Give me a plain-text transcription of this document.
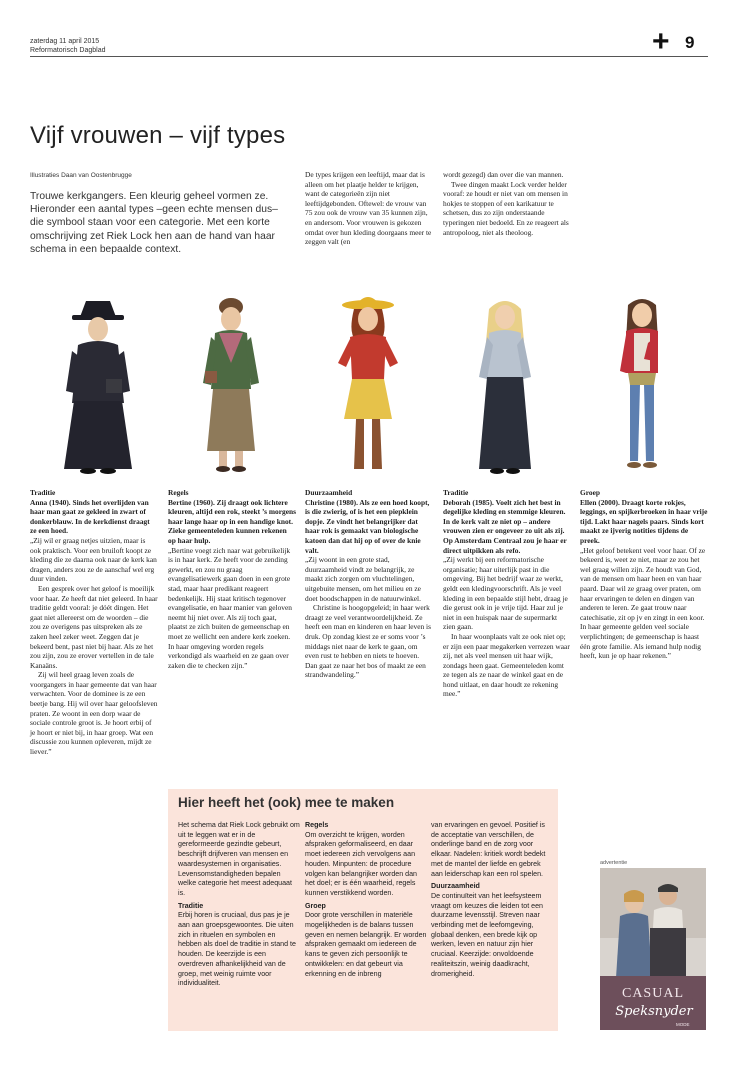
zaterdag 11 april 2015
Reformatorisch Dagblad	+ 9
Vijf vrouwen – vijf types
Illustraties Daan van Oostenbrugge
Trouwe kerkgangers. Een kleurig geheel vormen ze. Hieronder een aantal types –geen echte mensen dus– die symbool staan voor een categorie. Met een korte omschrijving zet Riek Lock hen aan de hand van haar schema in een bepaalde context.
De types krijgen een leeftijd, maar dat is alleen om het plaatje helder te krijgen, want de categorieën zijn niet leeftijdgebonden. Oftewel: de vrouw van 75 zou ook de vrouw van 35 kunnen zijn, en andersom. Voor vrouwen is gekozen omdat over hun kleding doorgaans meer te zeggen valt (en

wordt gezegd) dan over die van mannen.

Twee dingen maakt Lock verder helder vooraf: ze houdt er niet van om mensen in hokjes te stoppen of een karikatuur te schetsen, dus zo zijn onderstaande typeringen niet bedoeld. En ze reageert als antropoloog, niet als theoloog.

Traditie

Anna (1940). Sinds het overlijden van haar man gaat ze gekleed in zwart of donkerblauw. In de kerkdienst draagt ze een hoed.

„Zij wil er graag netjes uitzien, maar is ook praktisch. Voor een bruiloft koopt ze kleding die ze daarna ook naar de kerk kan dragen, anders zou ze de aanschaf wel erg duur vinden.

Een gesprek over het geloof is moeilijk voor haar. Ze heeft dat niet geleerd. In haar traditie geldt vooral: je dóét dingen. Het gaat niet allereerst om de woorden – die zou ze overigens pas uitspreken als ze zaken heel zeker weet. Zeggen dat je bekeerd bent, past niet bij haar. Als ze het zou zijn, zou ze erover vertellen in de tale Kanaäns.

Zij wil heel graag leven zoals de voorgangers in haar gemeente dat van haar verwachten. Voor de dominee is ze een beetje bang. Hij wil over haar geloofsleven praten. Ze woont in een dorp waar de sociale controle groot is. Je hoort erbij of je hoort er niet bij, in haar groep. Wat een discussie zou kunnen opleveren, mijdt ze liever.”

Regels

Bertine (1960). Zij draagt ook lichtere kleuren, altijd een rok, steekt ’s morgens haar lange haar op in een handige knot. Zieke gemeenteleden kunnen rekenen op haar hulp.

„Bertine voegt zich naar wat gebruikelijk is in haar kerk. Ze heeft voor de zending gewerkt, en zou nu graag evangelisatiewerk gaan doen in een grote stad, maar haar predikant reageert bedenkelijk. Hij staat kritisch tegenover evangelisatie, en haar manier van geloven neemt hij niet over. Als zij toch gaat, plaatst ze zich buiten de gemeenschap en moet ze wellicht een andere kerk zoeken. In haar omgeving worden regels verkondigd als waarheid en ze gaan over zaken die te checken zijn.”

Duurzaamheid

Christine (1980). Als ze een hoed koopt, is die zwierig, of is het een piepklein dopje. Ze vindt het belangrijker dat haar rok is gemaakt van biologische katoen dan dat hij op of over de knie valt.

„Zij woont in een grote stad, duurzaamheid vindt ze belangrijk, ze maakt zich zorgen om vluchtelingen, uitgebuite mensen, om het milieu en ze doet boodschappen in de natuurwinkel.

Christine is hoogopgeleid; in haar werk draagt ze veel verantwoordelijkheid. Ze heeft een man en kinderen en haar leven is druk. Op zondag kiest ze er soms voor ’s middags niet naar de kerk te gaan, om even rust te hebben en niets te hoeven. Dan gaat ze naar het bos of maakt ze een strandwandeling.”

Traditie

Deborah (1985). Voelt zich het best in degelijke kleding en stemmige kleuren. In de kerk valt ze niet op – andere vrouwen zien er ongeveer zo uit als zij. Op Amsterdam Centraal zou je haar er direct uitpikken als refo.

„Zij werkt bij een reformatorische organisatie; haar uiterlijk past in die omgeving. Bij het bedrijf waar ze werkt, geldt een kledingvoorschrift. Als je veel kleding in een bepaalde stijl hebt, draag je die gerust ook in je vrije tijd. Haar zul je niet in een huispak naar de supermarkt zien gaan.

In haar woonplaats valt ze ook niet op; er zijn een paar megakerken verrezen waar zij, net als veel mensen uit haar wijk, zondags heen gaat. Gemeenteleden komt ze tegen als ze naar de winkel gaat en de hond uitlaat, en daar houdt ze rekening mee.”

Groep

Ellen (2000). Draagt korte rokjes, leggings, en spijkerbroeken in haar vrije tijd. Lakt haar nagels paars. Sinds kort maakt ze ijverig notities tijdens de preek.

„Het geloof betekent veel voor haar. Of ze bekeerd is, weet ze niet, maar ze zou het wel graag willen zijn. Ze houdt van God, van de mensen om haar heen en van haar paard. Daar wil ze graag over praten, om haar ervaringen te delen en dingen van anderen te leren. Ze gaat trouw naar catechisatie, zit op jv en zingt in een koor. In haar gemeente gelden veel sociale verplichtingen; de gemeenschap is haast één grote familie. Als iemand hulp nodig heeft, kun je op haar rekenen.”

Hier heeft het (ook) mee te maken

Het schema dat Riek Lock gebruikt om uit te leggen wat er in de gereformeerde gezindte gebeurt, beschrijft drijfveren van mensen en waardesystemen in organisaties. Levensomstandigheden bepalen welke categorie het meest adequaat is.

Traditie

Erbij horen is cruciaal, dus pas je je aan aan groepsgewoontes. Die uiten zich in rituelen en symbolen en hebben als doel de traditie in stand te houden. De keerzijde is een overdreven afhankelijkheid van de groep, met weinig ruimte voor individualiteit.

Regels

Om overzicht te krijgen, worden afspraken geformaliseerd, en daar moet iedereen zich vervolgens aan houden. Minpunten: de procedure volgen kan belangrijker worden dan het doel; er is één waarheid, regels kunnen verstikkend worden.

Groep

Door grote verschillen in materiële mogelijkheden is de balans tussen geven en nemen belangrijk. Er worden afspraken gemaakt om iedereen de kans te geven zich persoonlijk te ontwikkelen: en dat gebeurt via erkenning en de inbreng

van ervaringen en gevoel. Positief is de acceptatie van verschillen, de onderlinge band en de zorg voor elkaar. Nadelen: kritiek wordt bedekt met de mantel der liefde en gebrek aan leiderschap kan een rol spelen.

Duurzaamheid

De continuïteit van het leefsysteem vraagt om keuzes die leiden tot een duurzame levensstijl. Streven naar verbinding met de leefomgeving, globaal denken, een brede kijk op werken, leven en natuur zijn hier cruciaal. Keerzijde: onvoldoende realiteitszin, weinig daadkracht, dromerigheid.

advertentie
CASUAL
Speksnyder
MODE
